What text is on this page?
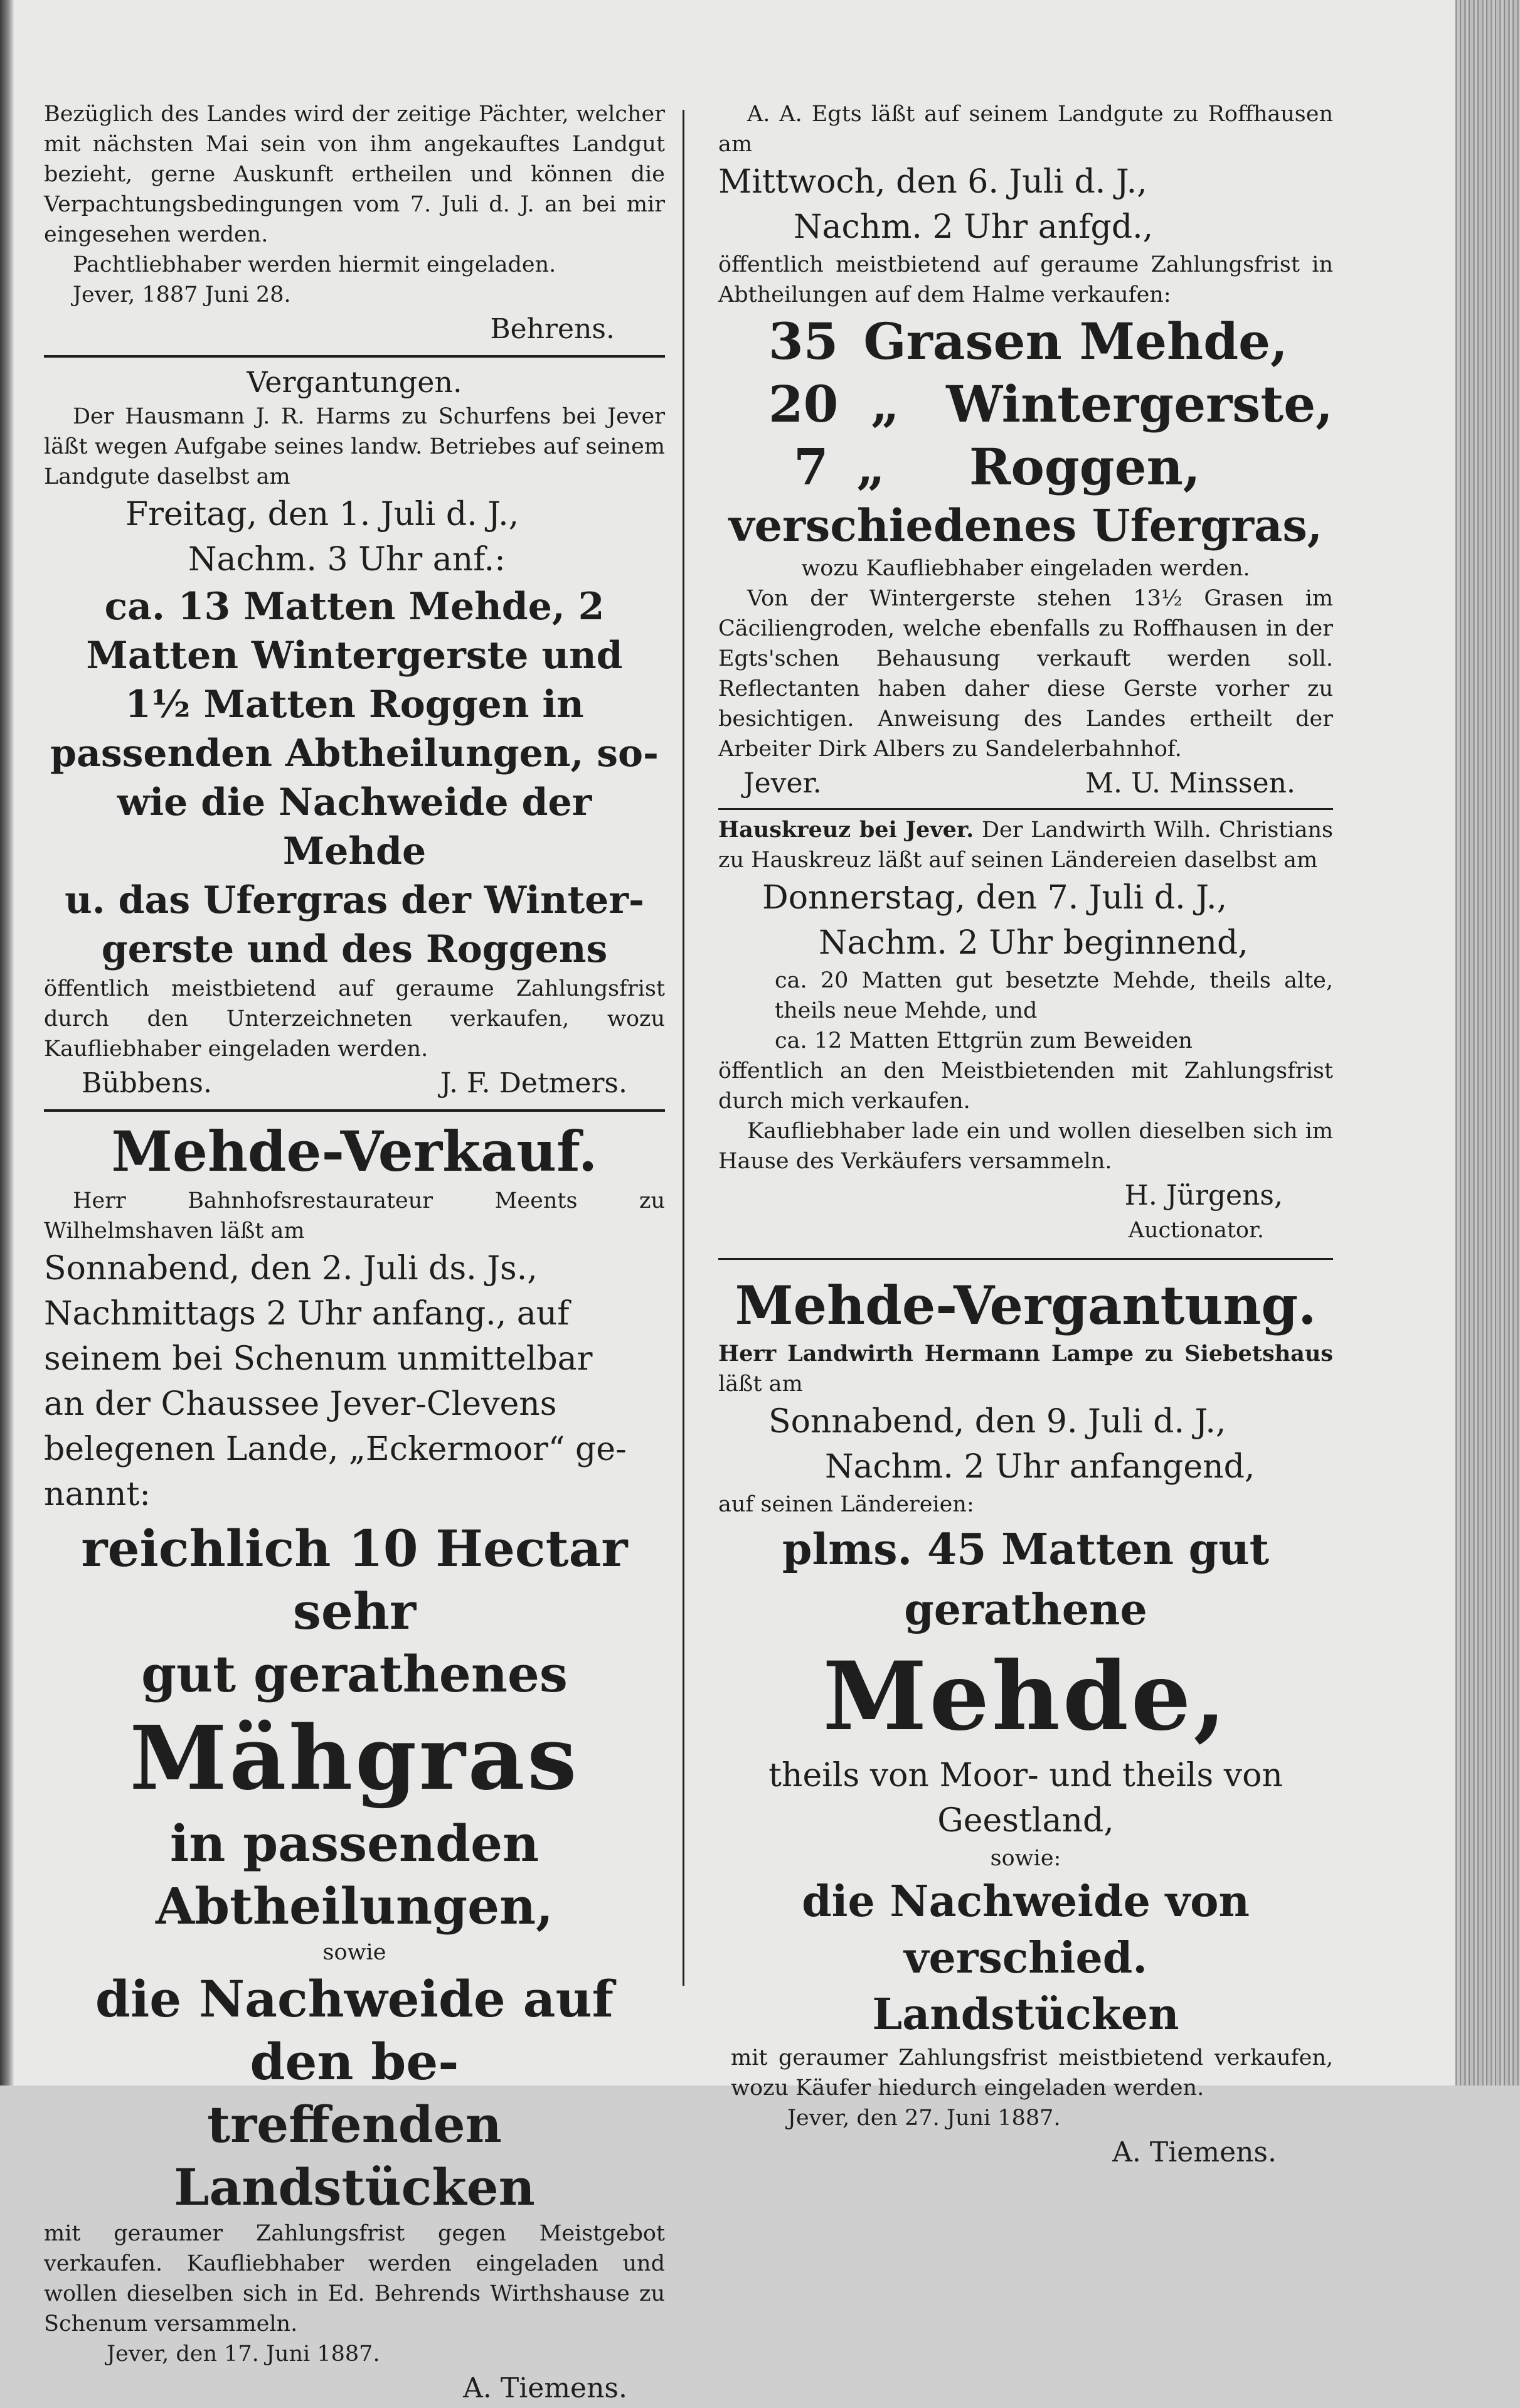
Bezüglich des Landes wird der zeitige Pächter, welcher mit nächsten Mai sein von ihm angekauftes Landgut bezieht, gerne Auskunft ertheilen und können die Verpachtungsbedingungen vom 7. Juli d. J. an bei mir eingesehen werden.

Pachtliebhaber werden hiermit eingeladen.

Jever, 1887 Juni 28.

Behrens.

Vergantungen.

Der Hausmann J. R. Harms zu Schurfens bei Jever läßt wegen Aufgabe seines landw. Betriebes auf seinem Landgute daselbst am

Freitag, den 1. Juli d. J.,

Nachm. 3 Uhr anf.:

ca. 13 Matten Mehde, 2

Matten Wintergerste und

1½ Matten Roggen in

passenden Abtheilungen, so-

wie die Nachweide der Mehde

u. das Ufergras der Winter-

gerste und des Roggens

öffentlich meistbietend auf geraume Zahlungsfrist durch den Unterzeichneten verkaufen, wozu Kaufliebhaber eingeladen werden.

Bübbens.	J. F. Detmers.

Mehde-Verkauf.

Herr Bahnhofsrestaurateur Meents zu Wilhelmshaven läßt am

Sonnabend, den 2. Juli ds. Js.,

Nachmittags 2 Uhr anfang., auf

seinem bei Schenum unmittelbar

an der Chaussee Jever-Clevens

belegenen Lande, „Eckermoor“ ge-

nannt:

reichlich 10 Hectar sehr

gut gerathenes

Mähgras

in passenden Abtheilungen,

sowie

die Nachweide auf den be-

treffenden Landstücken

mit geraumer Zahlungsfrist gegen Meistgebot verkaufen. Kaufliebhaber werden eingeladen und wollen dieselben sich in Ed. Behrends Wirthshause zu Schenum versammeln.

Jever, den 17. Juni 1887.

A. Tiemens.

A. A. Egts läßt auf seinem Landgute zu Roffhausen am

Mittwoch, den 6. Juli d. J.,

Nachm. 2 Uhr anfgd.,

öffentlich meistbietend auf geraume Zahlungsfrist in Abtheilungen auf dem Halme verkaufen:

35 Grasen Mehde,
20 „ Wintergerste,
7 „	Roggen,

verschiedenes Ufergras,

wozu Kaufliebhaber eingeladen werden.

Von der Wintergerste stehen 13½ Grasen im Cäciliengroden, welche ebenfalls zu Roffhausen in der Egts'schen Behausung verkauft werden soll. Reflectanten haben daher diese Gerste vorher zu besichtigen. Anweisung des Landes ertheilt der Arbeiter Dirk Albers zu Sandelerbahnhof.

Jever.	M. U. Minssen.

Hauskreuz bei Jever. Der Landwirth Wilh. Christians zu Hauskreuz läßt auf seinen Ländereien daselbst am

Donnerstag, den 7. Juli d. J.,

Nachm. 2 Uhr beginnend,

ca. 20 Matten gut besetzte Mehde, theils alte, theils neue Mehde, und

ca. 12 Matten Ettgrün zum Beweiden

öffentlich an den Meistbietenden mit Zahlungsfrist durch mich verkaufen.

Kaufliebhaber lade ein und wollen dieselben sich im Hause des Verkäufers versammeln.

H. Jürgens,

Auctionator.

Mehde-Vergantung.

Herr Landwirth Hermann Lampe zu Siebetshaus läßt am

Sonnabend, den 9. Juli d. J.,

Nachm. 2 Uhr anfangend,

auf seinen Ländereien:

plms. 45 Matten gut gerathene

Mehde,

theils von Moor- und theils von

Geestland,

sowie:

die Nachweide von verschied.

Landstücken

mit geraumer Zahlungsfrist meistbietend verkaufen, wozu Käufer hiedurch eingeladen werden.

Jever, den 27. Juni 1887.

A. Tiemens.
